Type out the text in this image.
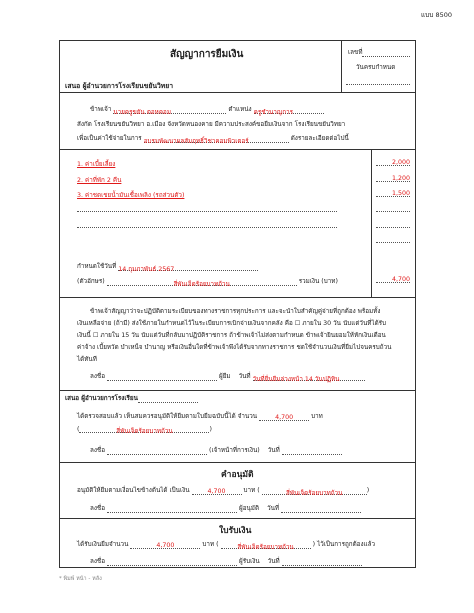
แบบ 8500
สัญญาการยืมเงิน	เลขที่
วันครบกำหนด
เสนอ ผู้อำนวยการโรงเรียนขยันวิทยา
ข้าพเจ้า นายครูขยัน ตอหคอม	ตำแหน่ง ครูชำนาญการ
สังกัด โรงเรียนขยันวิทยา อ.เมือง จังหวัดหนองคาย มีความประสงค์ขอยืมเงินจาก โรงเรียนขยันวิทยา
เพื่อเป็นค่าใช้จ่ายในการ อบรมพัฒนาผลสัมฤทธิ์วิชาคอมพิวเตอร์	ดังรายละเอียดต่อไปนี้
1. ค่าเบี้ยเลี้ยง	2,000
2. ค่าที่พัก 2 คืน	1,200
3. ค่าชดเชยน้ำมันเชื้อเพลิง (รถส่วนตัว)	1,500
กำหนดใช้วันที่ 14 กุมภาพันธ์ 2567
(ตัวอักษร)	สี่พันเจ็ดร้อยบาทถ้วน	รวมเงิน (บาท)	4,700
ข้าพเจ้าสัญญาว่าจะปฏิบัติตามระเบียบของทางราชการทุกประการ และจะนำใบสำคัญคู่จ่ายที่ถูกต้อง พร้อมทั้ง
เงินเหลือจ่าย (ถ้ามี) ส่งใช้ภายในกำหนดไว้ในระเบียบการเบิกจ่ายเงินจากคลัง คือ ☐ ภายใน 30 วัน นับแต่วันที่ได้รับ
เงินนี้ ☐ ภายใน 15 วัน นับแต่วันที่กลับมาปฏิบัติราชการ ถ้าข้าพเจ้าไม่ส่งตามกำหนด ข้าพเจ้ายินยอมให้หักเงินเดือน
ค่าจ้าง เบี้ยหวัด บำเหน็จ บำนาญ หรือเงินอื่นใดที่ข้าพเจ้าพึงได้รับจากทางราชการ ชดใช้จำนวนเงินที่ยืมไปจนครบถ้วน
ได้ทันที
ลงชื่อ	ผู้ยืม วันที่ วันที่ยื่นยืมล่วงหน้า 14 วันปฏิทิน
เสนอ ผู้อำนวยการโรงเรียน
ได้ตรวจสอบแล้ว เห็นสมควรอนุมัติให้ยืมตามใบยืมฉบับนี้ได้ จำนวน	4,700	บาท
(	สี่พันเจ็ดร้อยบาทถ้วน	)
ลงชื่อ	(เจ้าหน้าที่การเงิน) วันที่
คำอนุมัติ
อนุมัติให้ยืมตามเงื่อนไขข้างต้นได้ เป็นเงิน	4,700	บาท (	สี่พันเจ็ดร้อยบาทถ้วน	)
ลงชื่อ	ผู้อนุมัติ วันที่
ใบรับเงิน
ได้รับเงินยืมจำนวน	4,700	บาท (	สี่พันเจ็ดร้อยบาทถ้วน	) ไว้เป็นการถูกต้องแล้ว
ลงชื่อ	ผู้รับเงิน วันที่
* พิมพ์ หน้า - หลัง
